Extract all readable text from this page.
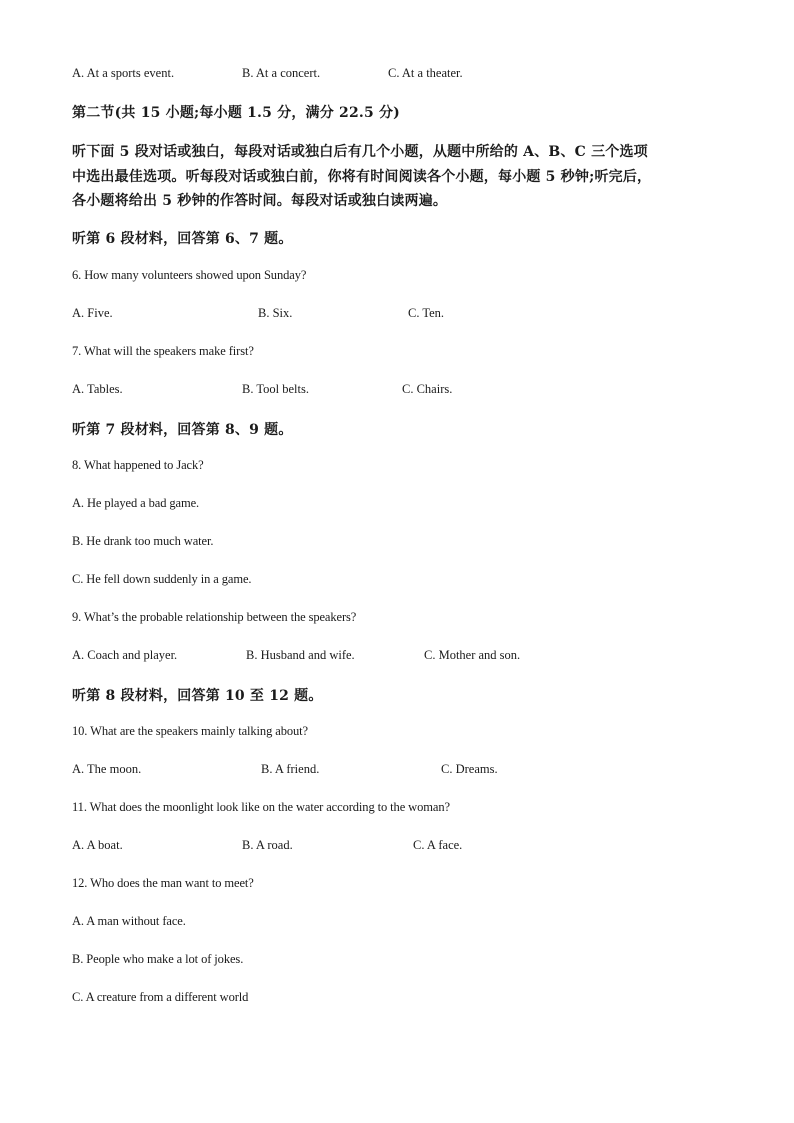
A. At a sports event.	B. At a concert.	C. At a theater.
第二节(共 15 小题;每小题 1.5 分，满分 22.5 分)
听下面 5 段对话或独白，每段对话或独白后有几个小题，从题中所给的 A、B、C 三个选项
中选出最佳选项。听每段对话或独白前，你将有时间阅读各个小题，每小题 5 秒钟;听完后，
各小题将给出 5 秒钟的作答时间。每段对话或独白读两遍。
听第 6 段材料，回答第 6、7 题。
6. How many volunteers showed upon Sunday?
A. Five.	B. Six.	C. Ten.
7. What will the speakers make first?
A. Tables.	B. Tool belts.	C. Chairs.
听第 7 段材料，回答第 8、9 题。
8. What happened to Jack?
A. He played a bad game.
B. He drank too much water.
C. He fell down suddenly in a game.
9. What’s the probable relationship between the speakers?
A. Coach and player.	B. Husband and wife.	C. Mother and son.
听第 8 段材料，回答第 10 至 12 题。
10. What are the speakers mainly talking about?
A. The moon.	B. A friend.	C. Dreams.
11. What does the moonlight look like on the water according to the woman?
A. A boat.	B. A road.	C. A face.
12. Who does the man want to meet?
A. A man without face.
B. People who make a lot of jokes.
C. A creature from a different world
